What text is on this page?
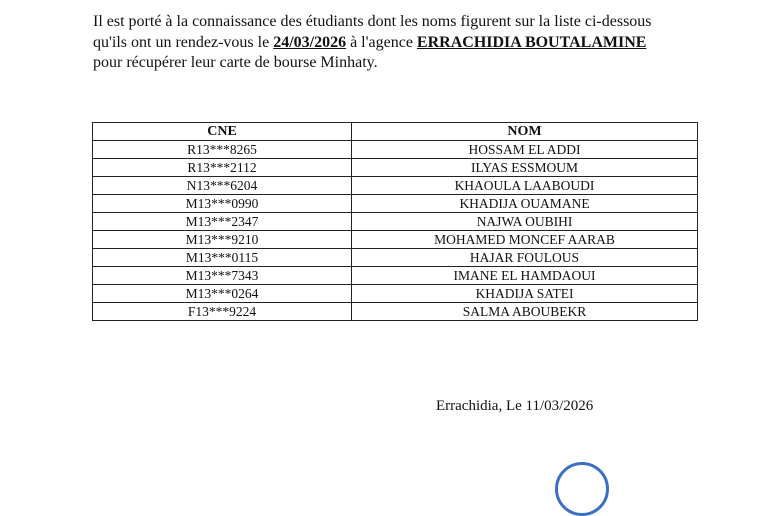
Il est porté à la connaissance des étudiants dont les noms figurent sur la liste ci-dessous
qu'ils ont un rendez-vous le 24/03/2026 à l'agence ERRACHIDIA BOUTALAMINE
pour récupérer leur carte de bourse Minhaty.
CNE	NOM
R13***8265	HOSSAM EL ADDI
R13***2112	ILYAS ESSMOUM
N13***6204	KHAOULA LAABOUDI
M13***0990	KHADIJA OUAMANE
M13***2347	NAJWA OUBIHI
M13***9210	MOHAMED MONCEF AARAB
M13***0115	HAJAR FOULOUS
M13***7343	IMANE EL HAMDAOUI
M13***0264	KHADIJA SATEI
F13***9224	SALMA ABOUBEKR
Errachidia, Le 11/03/2026
